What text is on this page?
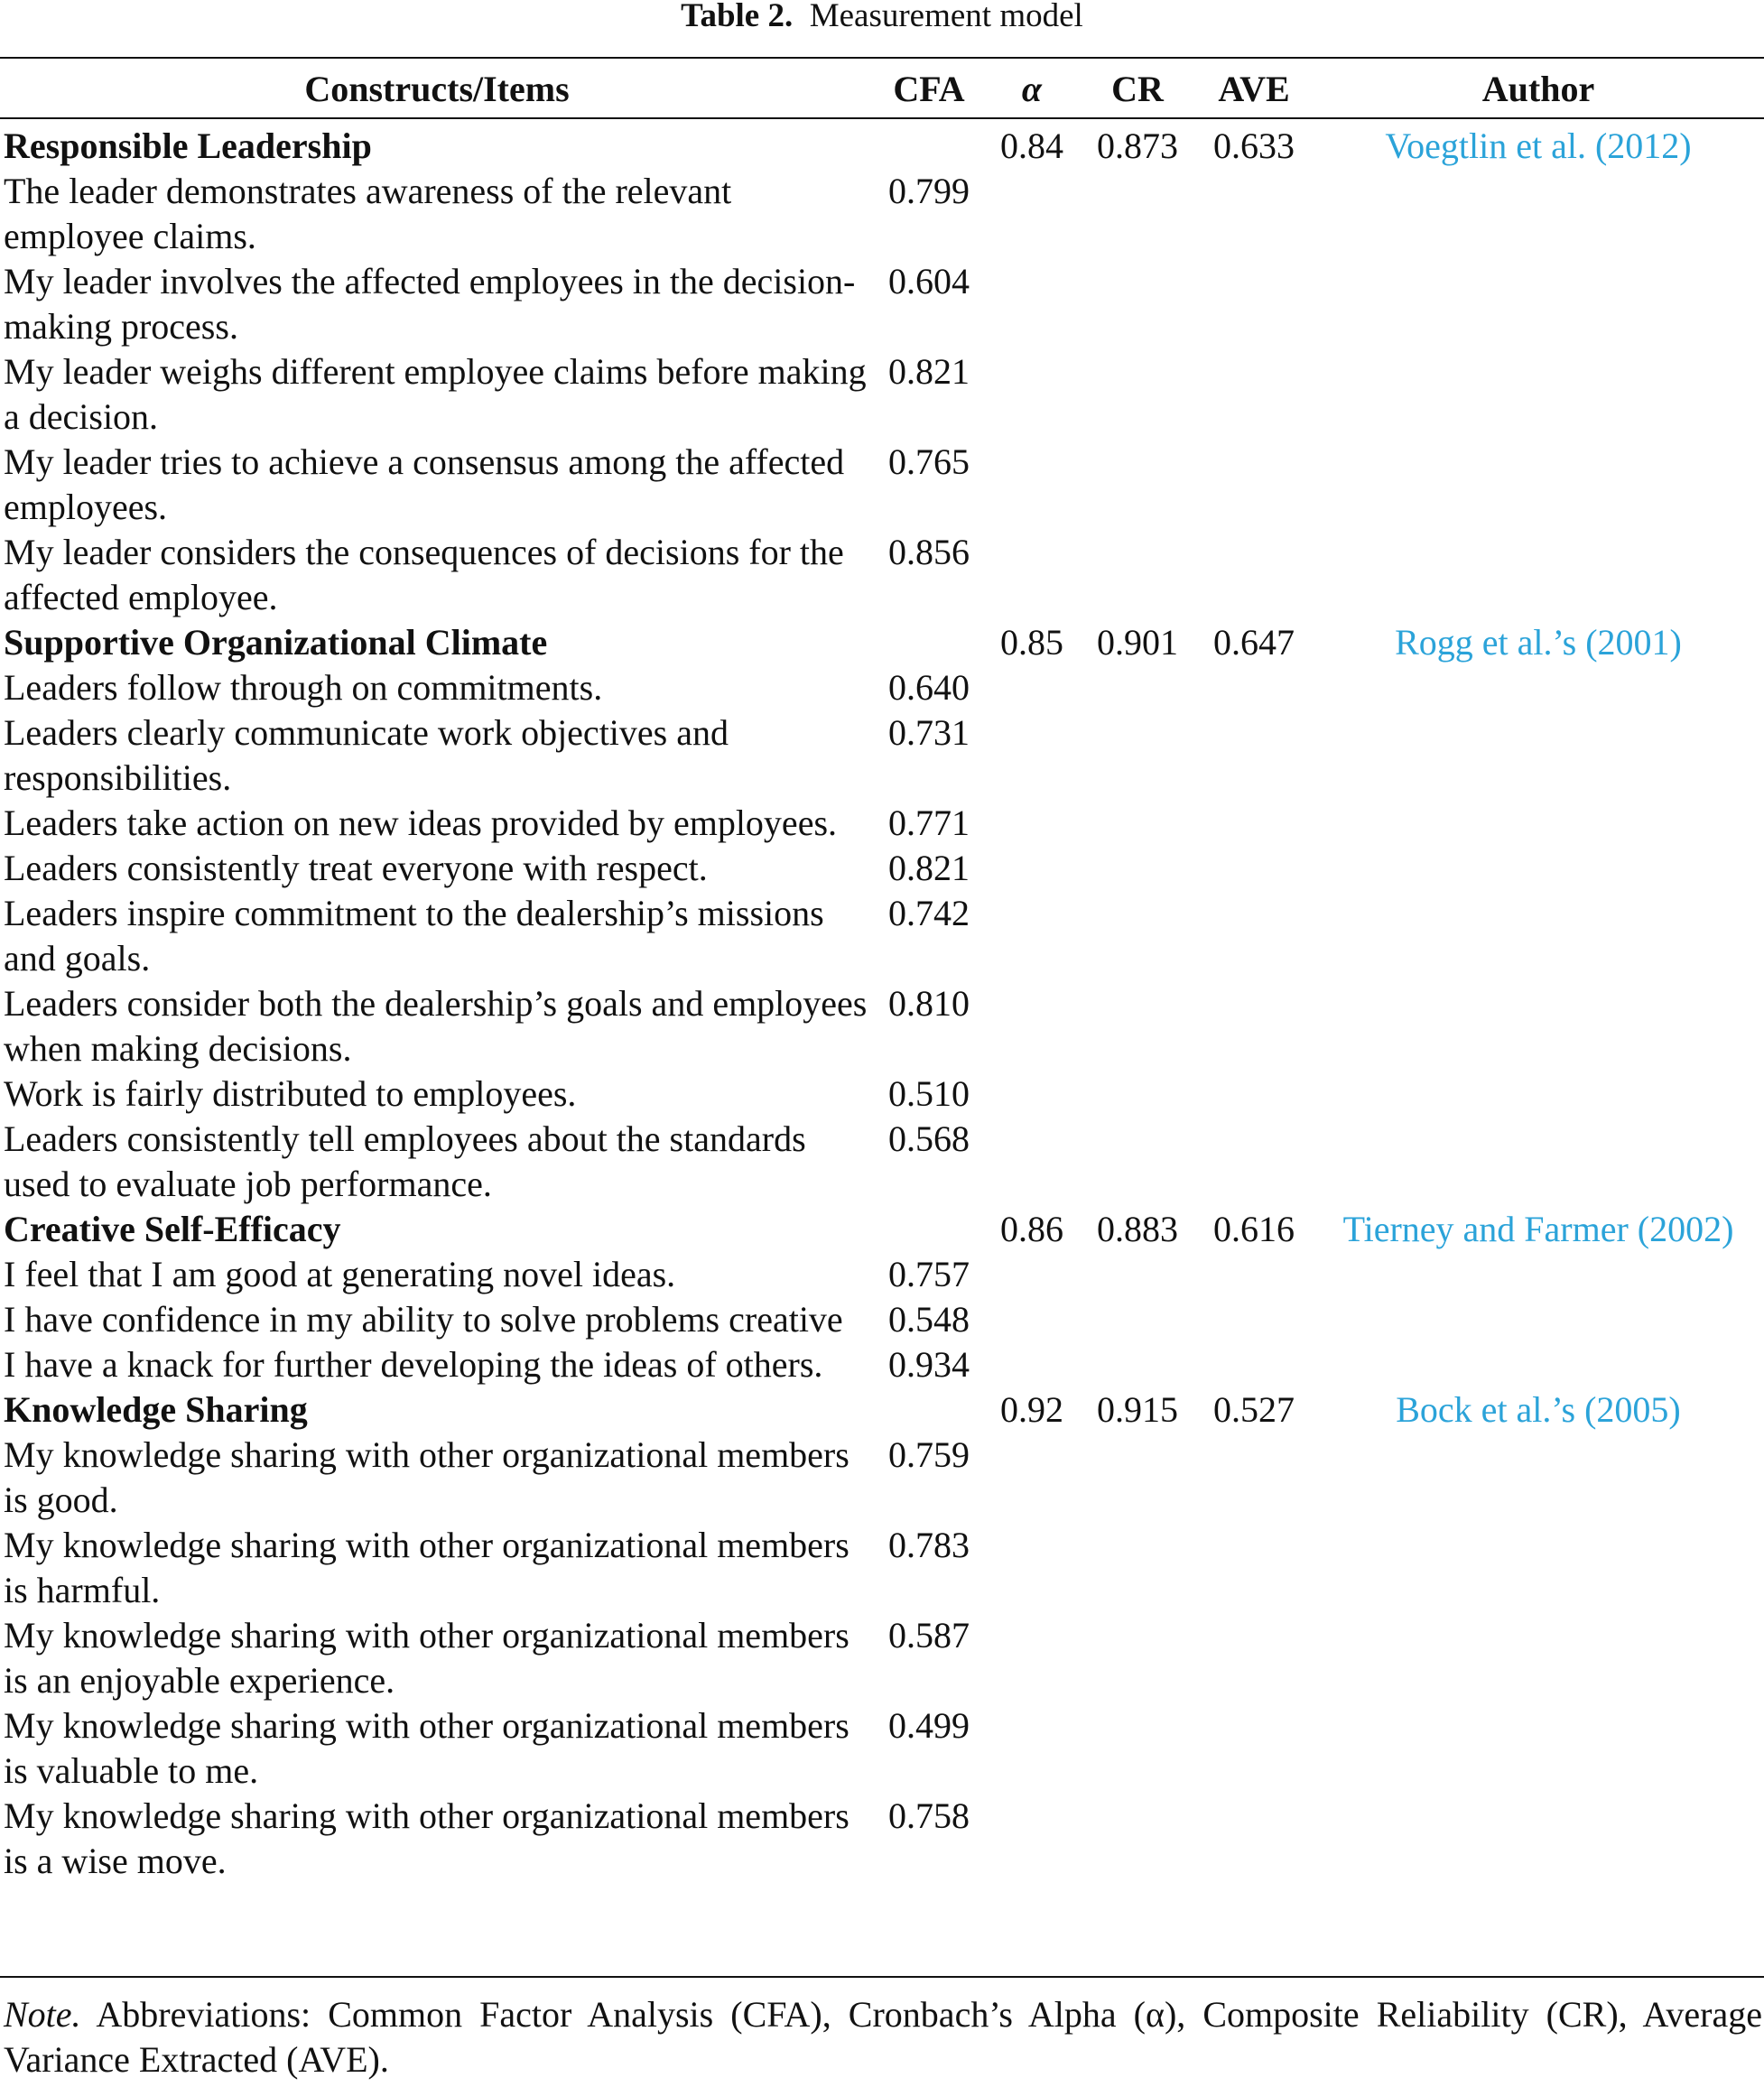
Table 2. Measurement model
Constructs/Items	CFA	α	CR	AVE	Author
Responsible Leadership		0.84	0.873	0.633	Voegtlin et al. (2012)
The leader demonstrates awareness of the relevant employee claims.	0.799				
My leader involves the affected employees in the decision-making process.	0.604				
My leader weighs different employee claims before making a decision.	0.821				
My leader tries to achieve a consensus among the affected employees.	0.765				
My leader considers the consequences of decisions for the affected employee.	0.856				
Supportive Organizational Climate		0.85	0.901	0.647	Rogg et al.’s (2001)
Leaders follow through on commitments.	0.640				
Leaders clearly communicate work objectives and responsibilities.	0.731				
Leaders take action on new ideas provided by employees.	0.771				
Leaders consistently treat everyone with respect.	0.821				
Leaders inspire commitment to the dealership’s missions and goals.	0.742				
Leaders consider both the dealership’s goals and employees when making decisions.	0.810				
Work is fairly distributed to employees.	0.510				
Leaders consistently tell employees about the standards used to evaluate job performance.	0.568				
Creative Self-Efficacy		0.86	0.883	0.616	Tierney and Farmer (2002)
I feel that I am good at generating novel ideas.	0.757				
I have confidence in my ability to solve problems creative	0.548				
I have a knack for further developing the ideas of others.	0.934				
Knowledge Sharing		0.92	0.915	0.527	Bock et al.’s (2005)
My knowledge sharing with other organizational members is good.	0.759				
My knowledge sharing with other organizational members is harmful.	0.783				
My knowledge sharing with other organizational members is an enjoyable experience.	0.587				
My knowledge sharing with other organizational members is valuable to me.	0.499				
My knowledge sharing with other organizational members is a wise move.	0.758				
Note. Abbreviations: Common Factor Analysis (CFA), Cronbach’s Alpha (α), Composite Reliability (CR), Average Variance Extracted (AVE).
